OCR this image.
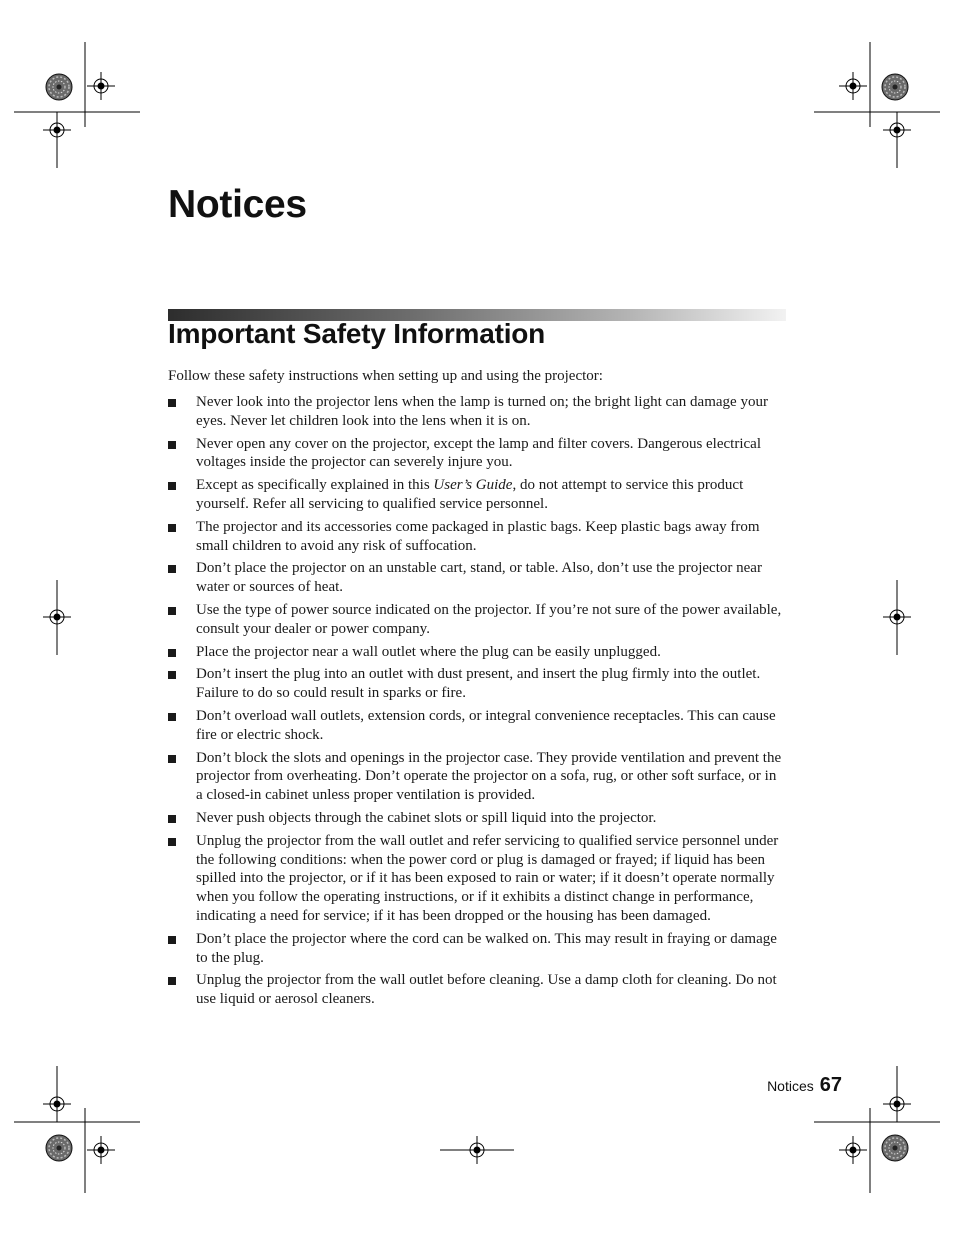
Notices
Important Safety Information

Follow these safety instructions when setting up and using the projector:

Never look into the projector lens when the lamp is turned on; the bright light can damage your eyes. Never let children look into the lens when it is on.
Never open any cover on the projector, except the lamp and filter covers. Dangerous electrical voltages inside the projector can severely injure you.
Except as specifically explained in this User’s Guide, do not attempt to service this product yourself. Refer all servicing to qualified service personnel.
The projector and its accessories come packaged in plastic bags. Keep plastic bags away from small children to avoid any risk of suffocation.
Don’t place the projector on an unstable cart, stand, or table. Also, don’t use the projector near water or sources of heat.
Use the type of power source indicated on the projector. If you’re not sure of the power available, consult your dealer or power company.
Place the projector near a wall outlet where the plug can be easily unplugged.
Don’t insert the plug into an outlet with dust present, and insert the plug firmly into the outlet. Failure to do so could result in sparks or fire.
Don’t overload wall outlets, extension cords, or integral convenience receptacles. This can cause fire or electric shock.
Don’t block the slots and openings in the projector case. They provide ventilation and prevent the projector from overheating. Don’t operate the projector on a sofa, rug, or other soft surface, or in a closed-in cabinet unless proper ventilation is provided.
Never push objects through the cabinet slots or spill liquid into the projector.
Unplug the projector from the wall outlet and refer servicing to qualified service personnel under the following conditions: when the power cord or plug is damaged or frayed; if liquid has been spilled into the projector, or if it has been exposed to rain or water; if it doesn’t operate normally when you follow the operating instructions, or if it exhibits a distinct change in performance, indicating a need for service; if it has been dropped or the housing has been damaged.
Don’t place the projector where the cord can be walked on. This may result in fraying or damage to the plug.
Unplug the projector from the wall outlet before cleaning. Use a damp cloth for cleaning. Do not use liquid or aerosol cleaners.
Notices 67
